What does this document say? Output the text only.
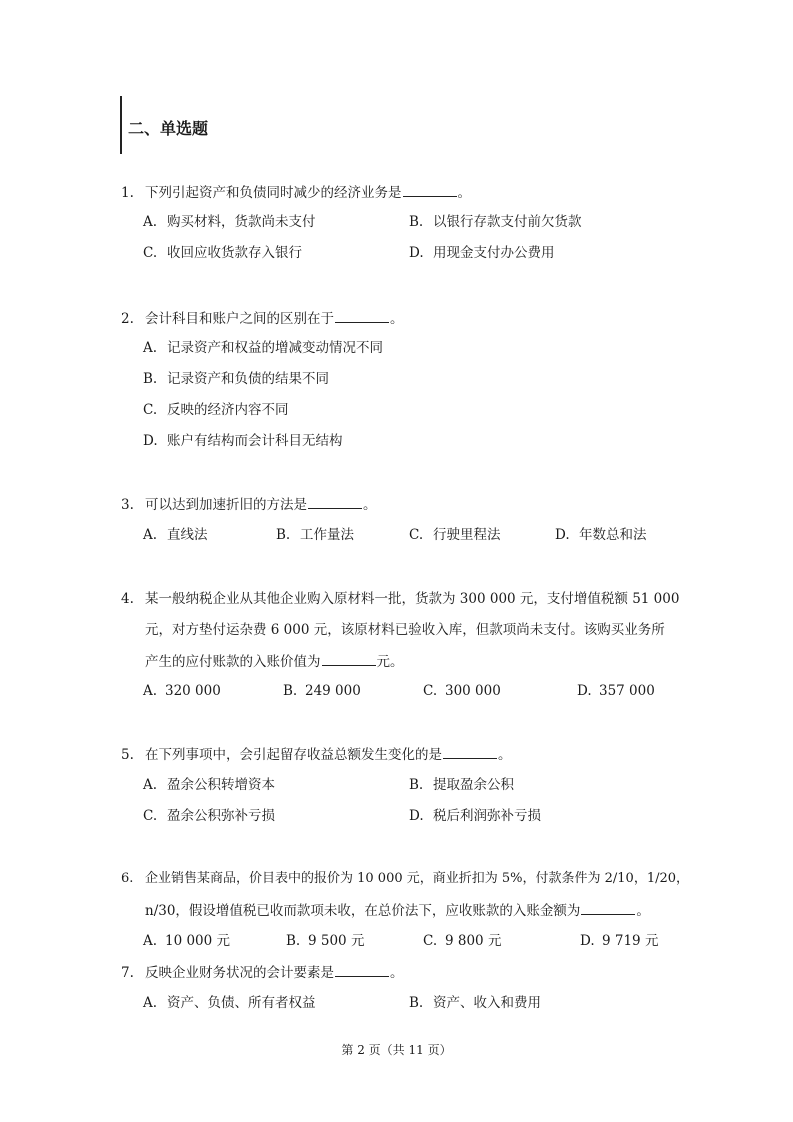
二、单选题
1. 下列引起资产和负债同时减少的经济业务是	。
A. 购买材料，货款尚未支付	B. 以银行存款支付前欠货款
C. 收回应收货款存入银行	D. 用现金支付办公费用
2. 会计科目和账户之间的区别在于	。
A. 记录资产和权益的增减变动情况不同
B. 记录资产和负债的结果不同
C. 反映的经济内容不同
D. 账户有结构而会计科目无结构
3. 可以达到加速折旧的方法是	。
A. 直线法	B. 工作量法	C. 行驶里程法	D. 年数总和法
4. 某一般纳税企业从其他企业购入原材料一批，货款为 300 000 元，支付增值税额 51 000
元，对方垫付运杂费 6 000 元，该原材料已验收入库，但款项尚未支付。该购买业务所
产生的应付账款的入账价值为	元。
A. 320 000	B. 249 000	C. 300 000	D. 357 000
5. 在下列事项中，会引起留存收益总额发生变化的是	。
A. 盈余公积转增资本	B. 提取盈余公积
C. 盈余公积弥补亏损	D. 税后利润弥补亏损
6. 企业销售某商品，价目表中的报价为 10 000 元，商业折扣为 5%，付款条件为 2/10，1/20，
n/30，假设增值税已收而款项未收，在总价法下，应收账款的入账金额为	。
A. 10 000 元	B. 9 500 元	C. 9 800 元	D. 9 719 元
7. 反映企业财务状况的会计要素是	。
A. 资产、负债、所有者权益	B. 资产、收入和费用
第 2 页（共 11 页）
